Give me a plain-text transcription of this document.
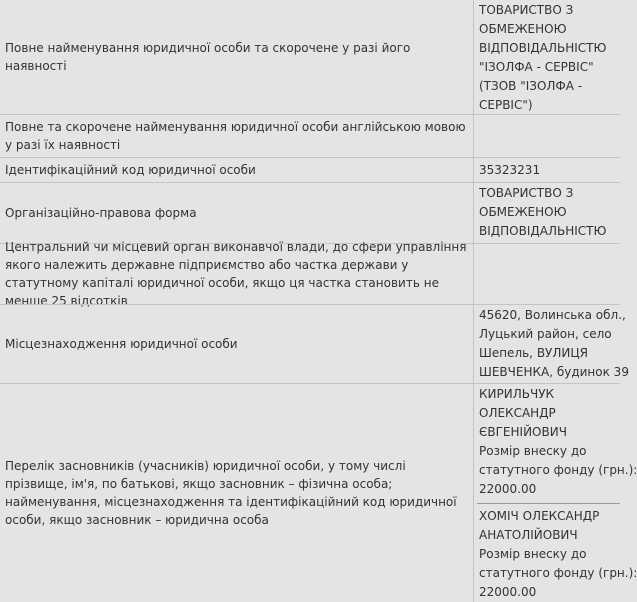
Повне найменування юридичної особи та скорочене у разі його наявності
ТОВАРИСТВО З
ОБМЕЖЕНОЮ
ВІДПОВІДАЛЬНІСТЮ
"ІЗОЛФА - СЕРВІС"
(ТЗОВ "ІЗОЛФА -
СЕРВІС")
Повне та скорочене найменування юридичної особи англійською мовою у разі їх наявності
Ідентифікаційний код юридичної особи	35323231
Організаційно-правова форма
ТОВАРИСТВО З
ОБМЕЖЕНОЮ
ВІДПОВІДАЛЬНІСТЮ
Центральний чи місцевий орган виконавчої влади, до сфери управління якого належить державне підприємство або частка держави у статутному капіталі юридичної особи, якщо ця частка становить не менше 25 відсотків
Місцезнаходження юридичної особи
45620, Волинська обл.,
Луцький район, село
Шепель, ВУЛИЦЯ
ШЕВЧЕНКА, будинок 39
Перелік засновників (учасників) юридичної особи, у тому числі прізвище, ім'я, по батькові, якщо засновник – фізична особа; найменування, місцезнаходження та ідентифікаційний код юридичної особи, якщо засновник – юридична особа
КИРИЛЬЧУК
ОЛЕКСАНДР
ЄВГЕНІЙОВИЧ
Розмір внеску до
статутного фонду (грн.):
22000.00
ХОМІЧ ОЛЕКСАНДР
АНАТОЛІЙОВИЧ
Розмір внеску до
статутного фонду (грн.):
22000.00
